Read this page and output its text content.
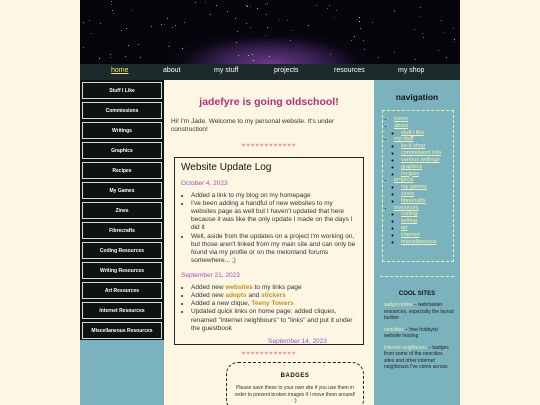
home	about	my stuff	projects	resources	my shop
Stuff I Like
Commissions
Writings
Graphics
Recipes
My Games
Zines
Fibrecrafts
Coding Resources
Writing Resources
Art Resources
Internet Resources
Miscellaneous Resources
jadefyre is going oldschool!
Hi! I'm Jade. Welcome to my personal website. It's under construction!
♥♥♥♥♥♥♥♥♥♥♥♥
Website Update Log
October 4, 2023
• Added a link to my blog on my homepage
• I've been adding a handful of new websites to my websites page as well but I haven't updated that here because it was like the only update I made on the days I did it
• Well, aside from the updates on a project I'm working on, but those aren't linked from my main site and can only be found via my profile or on the melonland forums somewhere... ;)
September 21, 2023
• Added new websites to my links page
• Added new adopts and stickers
• Added a new clique, Teeny Towers
• Updated quick links on home page: added cliques, renamed "internet neighbours" to "links" and put it under the guestbook
♥♥♥♥♥♥♥♥♥♥♥♥
September 14, 2023
BADGES

Please save these to your own site if you use them in order to prevent broken images if I move them around! :)

navigation
• home
• about
◦ stuff i like
• my stuff
◦ ko-fi shop
◦ commission info
◦ various writings
◦ graphics
◦ recipes
• projects
◦ my games
◦ zines
◦ fibrecrafts
• resources
◦ coding
◦ writing
◦ art
◦ internet
◦ miscellaneous
COOL SITES
sadgrl.online – webmaster resources, especially the layout builder
neocities – free hobbyist website hosting
internet neighbours – badges from some of the neocities sites and other internet neighbours I've come across
